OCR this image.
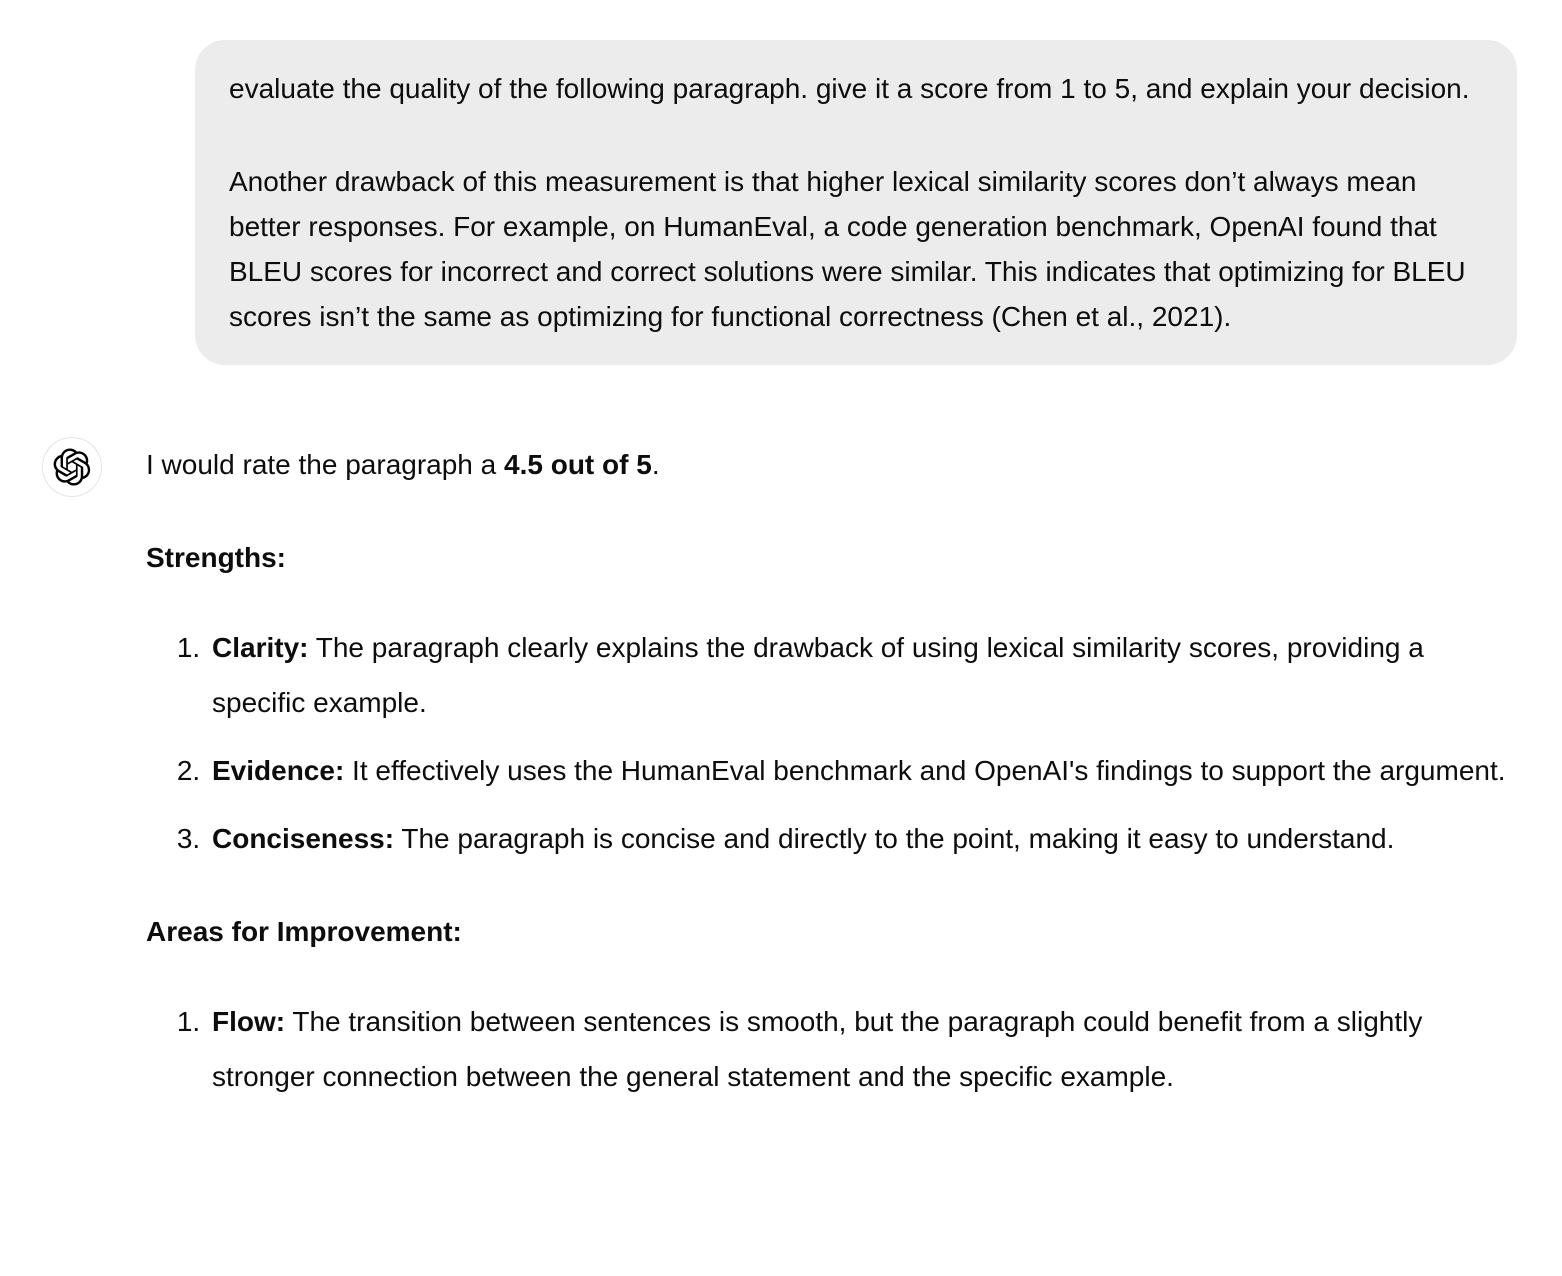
evaluate the quality of the following paragraph. give it a score from 1 to 5, and explain your decision.

Another drawback of this measurement is that higher lexical similarity scores don’t always mean better responses. For example, on HumanEval, a code generation benchmark, OpenAI found that BLEU scores for incorrect and correct solutions were similar. This indicates that optimizing for BLEU scores isn’t the same as optimizing for functional correctness (Chen et al., 2021).

I would rate the paragraph a 4.5 out of 5.

Strengths:

1. Clarity: The paragraph clearly explains the drawback of using lexical similarity scores, providing a specific example.
2. Evidence: It effectively uses the HumanEval benchmark and OpenAI's findings to support the argument.
3. Conciseness: The paragraph is concise and directly to the point, making it easy to understand.

Areas for Improvement:

1. Flow: The transition between sentences is smooth, but the paragraph could benefit from a slightly stronger connection between the general statement and the specific example.
